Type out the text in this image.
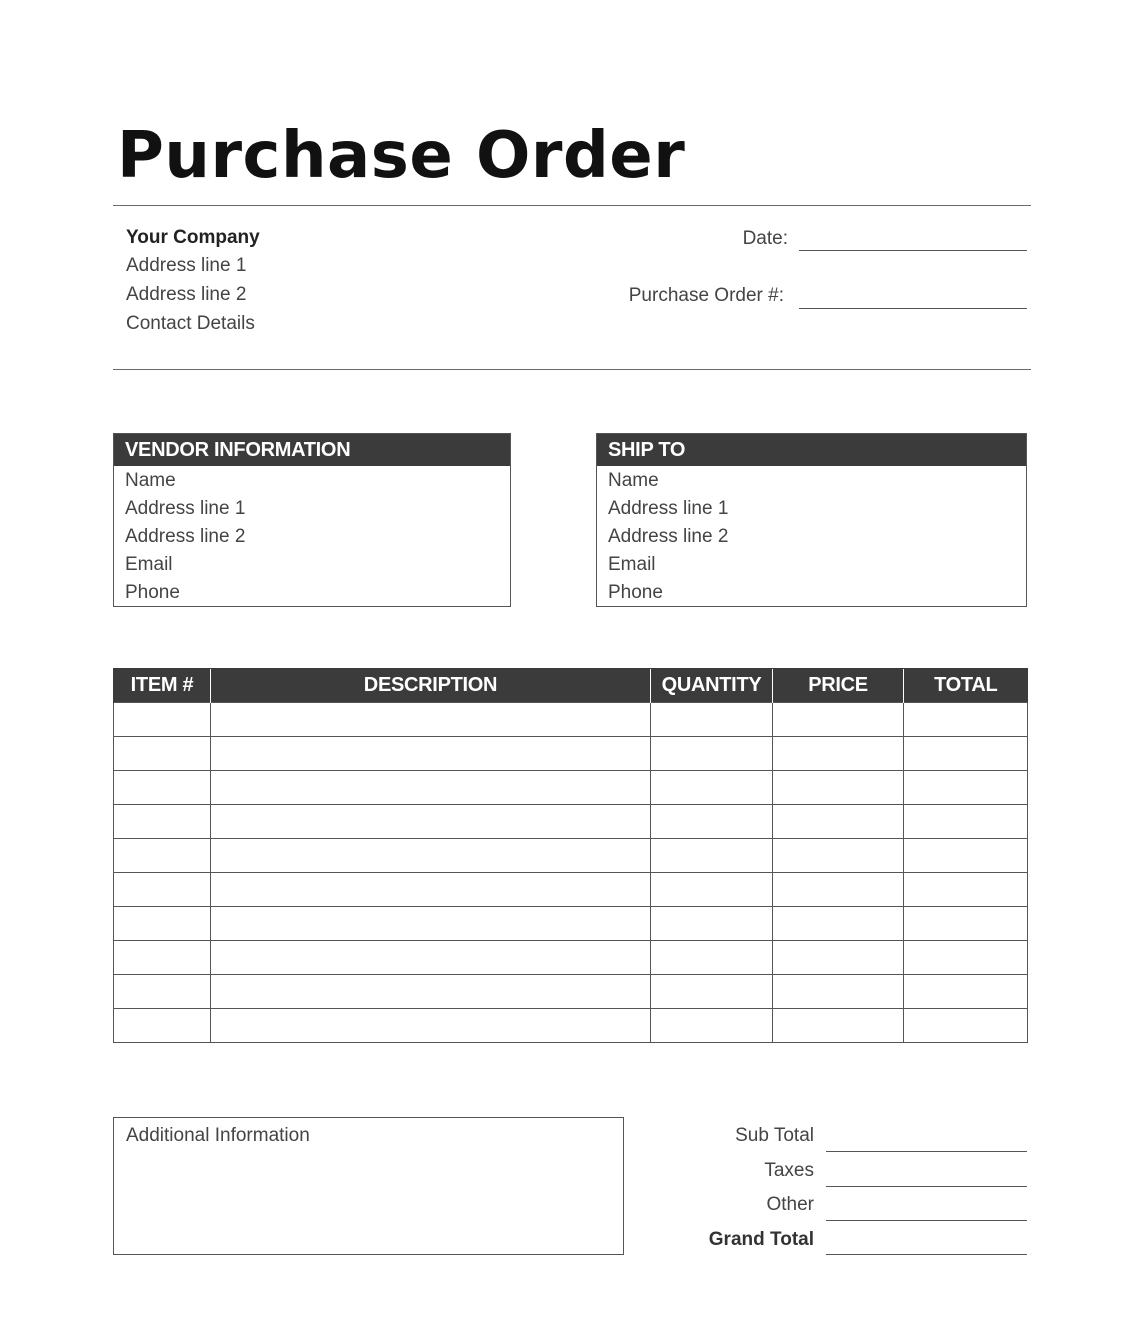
Purchase Order
Your Company
Address line 1
Address line 2
Contact Details
Date:
Purchase Order #:
VENDOR INFORMATION
Name
Address line 1
Address line 2
Email
Phone
SHIP TO
Name
Address line 1
Address line 2
Email
Phone
ITEM #	DESCRIPTION	QUANTITY	PRICE	TOTAL

Additional Information	Sub Total
Taxes
Other
Grand Total
